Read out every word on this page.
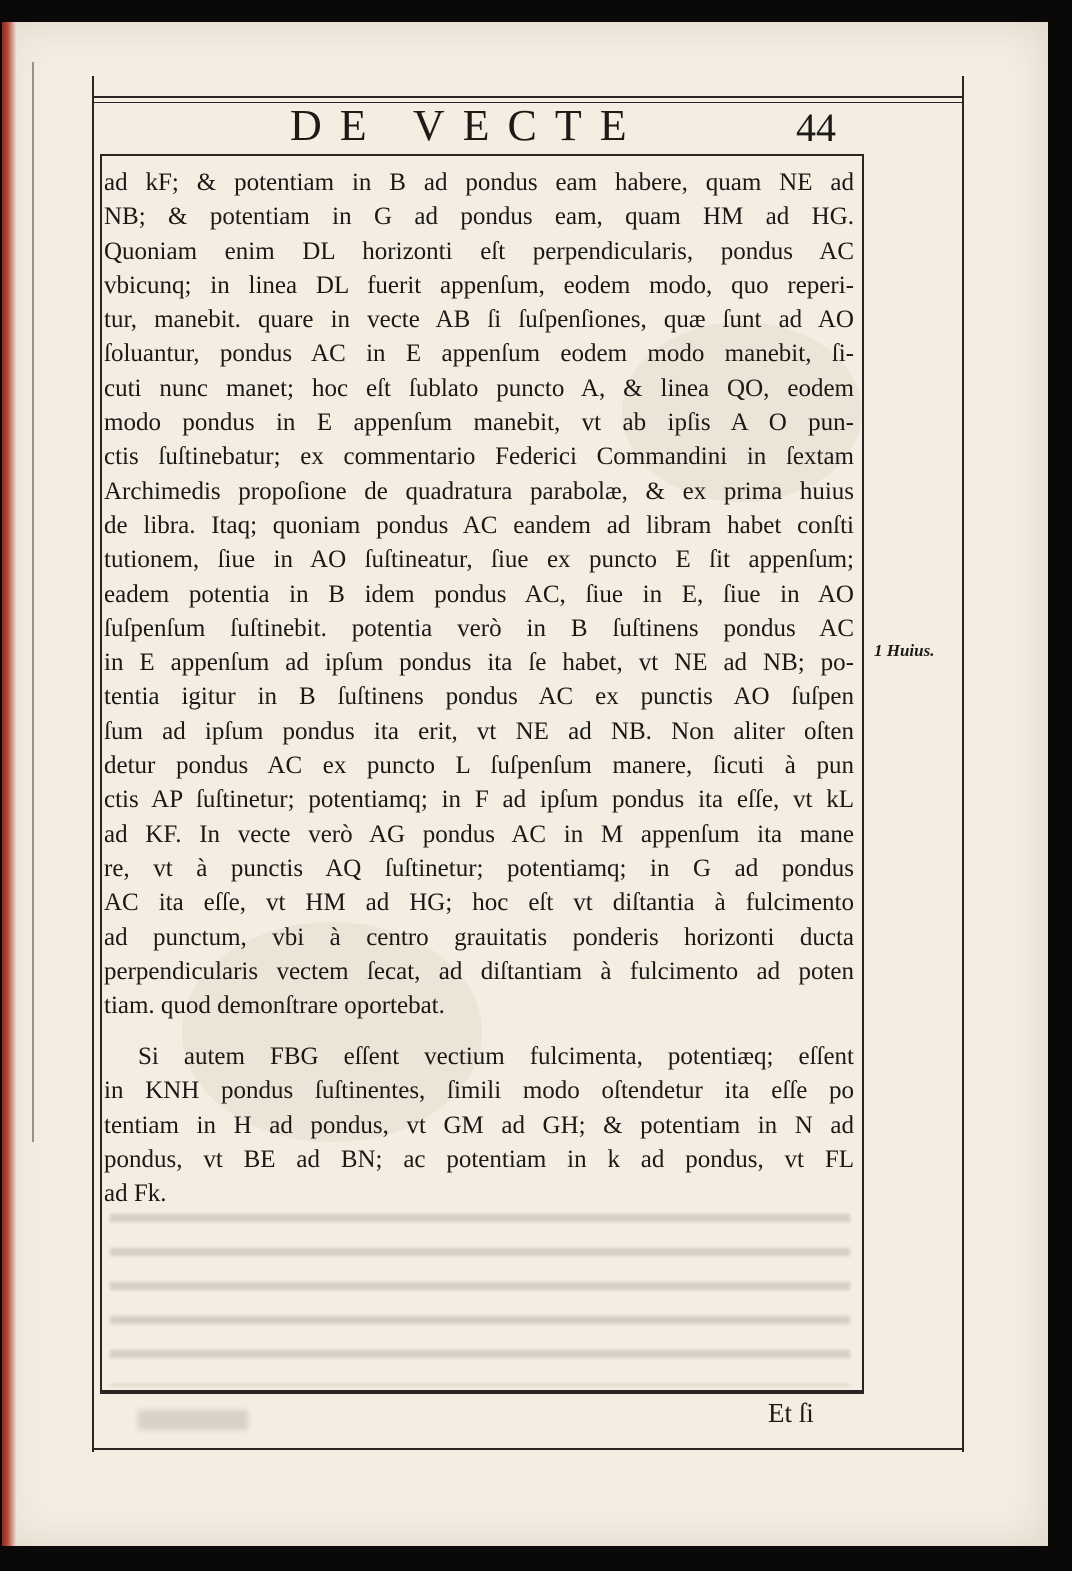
DE VECTE	44
ad kF; & potentiam in B ad pondus eam habere, quam NE ad
NB; & potentiam in G ad pondus eam, quam HM ad HG.
Quoniam enim DL horizonti eſt perpendicularis, pondus AC
vbicunq; in linea DL fuerit appenſum, eodem modo, quo reperi-
tur, manebit. quare in vecte AB ſi ſuſpenſiones, quæ ſunt ad AO
ſoluantur, pondus AC in E appenſum eodem modo manebit, ſi-
cuti nunc manet; hoc eſt ſublato puncto A, & linea QO, eodem
modo pondus in E appenſum manebit, vt ab ipſis A O pun-
ctis ſuſtinebatur; ex commentario Federici Commandini in ſextam
Archimedis propoſione de quadratura parabolæ, & ex prima huius
de libra. Itaq; quoniam pondus AC eandem ad libram habet conſti
tutionem, ſiue in AO ſuſtineatur, ſiue ex puncto E ſit appenſum;
eadem potentia in B idem pondus AC, ſiue in E, ſiue in AO
ſuſpenſum ſuſtinebit. potentia verò in B ſuſtinens pondus AC
in E appenſum ad ipſum pondus ita ſe habet, vt NE ad NB; po-
tentia igitur in B ſuſtinens pondus AC ex punctis AO ſuſpen
ſum ad ipſum pondus ita erit, vt NE ad NB. Non aliter oſten
detur pondus AC ex puncto L ſuſpenſum manere, ſicuti à pun
ctis AP ſuſtinetur; potentiamq; in F ad ipſum pondus ita eſſe, vt kL
ad KF. In vecte verò AG pondus AC in M appenſum ita mane
re, vt à punctis AQ ſuſtinetur; potentiamq; in G ad pondus
AC ita eſſe, vt HM ad HG; hoc eſt vt diſtantia à fulcimento
ad punctum, vbi à centro grauitatis ponderis horizonti ducta
perpendicularis vectem ſecat, ad diſtantiam à fulcimento ad poten
tiam. quod demonſtrare oportebat.
Si autem FBG eſſent vectium fulcimenta, potentiæq; eſſent
in KNH pondus ſuſtinentes, ſimili modo oſtendetur ita eſſe po
tentiam in H ad pondus, vt GM ad GH; & potentiam in N ad
pondus, vt BE ad BN; ac potentiam in k ad pondus, vt FL
ad Fk.
1 Huius.
Et ſi
